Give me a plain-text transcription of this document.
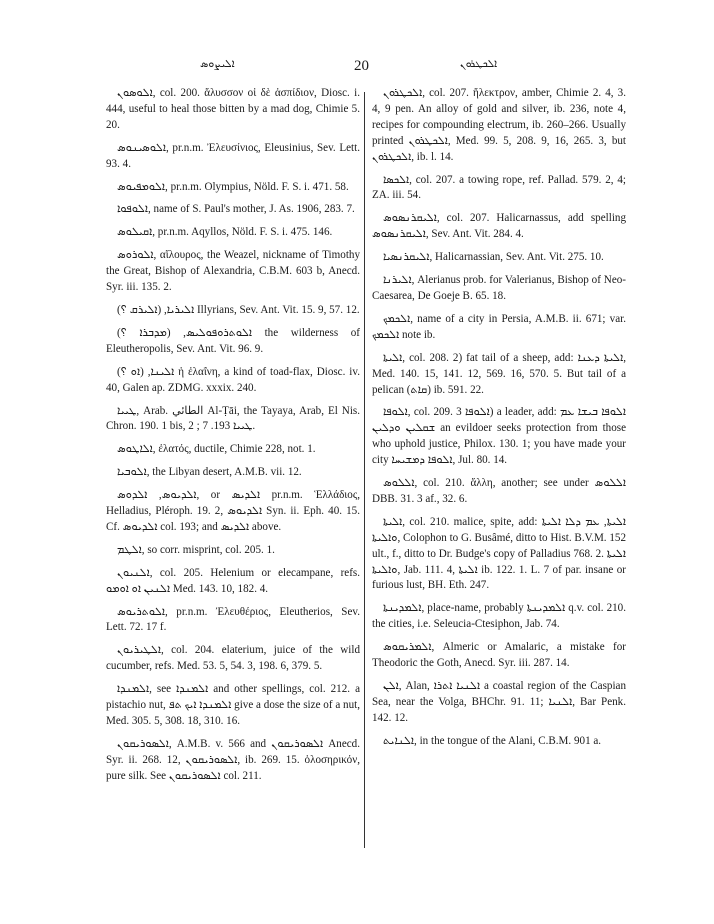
ܐܠܝܨܘܣ	20	ܐܠܟܛܪܘܢ

ܐܠܘܣܘܢ, col. 200. ἄλυσσον οἱ δὲ ἀσπίδιον, Diosc. i. 444, useful to heal those bitten by a mad dog, Chimie 5. 20.

ܐܠܘܣܝܢܘܣ, pr.n.m. Ἐλευσίνιος, Eleusinius, Sev. Lett. 93. 4.

ܐܠܘܡܦܝܘܣ, pr.n.m. Olympius, Nöld. F. S. i. 471. 58.

ܐܠܘܦܘܐ, name of S. Paul's mother, J. As. 1906, 283. 7.

ܐܩܝܠܘܣ, pr.n.m. Aqyllos, Nöld. F. S. i. 475. 146.

ܐܠܘܪܘܣ, αἴλουρος, the Weazel, nickname of Timothy the Great, Bishop of Alexandria, C.B.M. 603 b, Anecd. Syr. iii. 135. 2.

ܐܠܝܪܝܐ, (ܐܠܝܪܩ ؟) Illyrians, Sev. Ant. Vit. 15. 9, 57. 12.

ܐܠܘܬܪܘܦܘܠܝܣ, (ܡܕܒܪܐ ؟) the wilderness of Eleutheropolis, Sev. Ant. Vit. 96. 9.

ܐܠܝܢܐ, (ܐܘ ؟) ἡ ἐλαΐνη, a kind of toad-flax, Diosc. iv. 40, Galen ap. ZDMG. xxxix. 240.

ܛܝܝܐ, Arab. الطائي Al-Ṭāi, the Tayaya, Arab, El Nis. Chron. 190. 1 bis, 2 ; ܛܝܝܐ 193. 7.

ܐܠܐܛܘܣ, ἐλατός, ductile, Chimie 228, not. 1.

ܐܠܘܒܝܐ, the Libyan desert, A.M.B. vii. 12.

ܐܠܕܝܘܣ, ܐܠܕܘܣ, or ܐܠܕܝܣ pr.n.m. Ἑλλάδιος, Helladius, Pléroph. 19. 2, ܐܠܕܝܘܣ Syn. ii. Eph. 40. 15. Cf. ܐܠܕܝܘܣ col. 193; and ܐܠܕܝܣ above.

ܐܠܛܡ, so corr. misprint, col. 205. 1.

ܐܠܢܝܘܢ, col. 205. Helenium or elecampane, refs. ܐܠܢܝܢ ܐܘ ܐܘܡܘ Med. 143. 10, 182. 4.

ܐܠܘܬܪܝܘܣ, pr.n.m. Ἐλευθέριος, Eleutherios, Sev. Lett. 72. 17 f.

ܐܠܛܝܪܝܘܢ, col. 204. elaterium, juice of the wild cucumber, refs. Med. 53. 5, 54. 3, 198. 6, 379. 5.

ܐܠܡܢܕܐ, see ܐܠܡܢܕܐ and other spellings, col. 212. a pistachio nut, ܐܠܡܢܕܐ ܐܝܟ ܬܦ give a dose the size of a nut, Med. 305. 5, 308. 18, 310. 16.

ܐܠܣܘܪܝܩܘܢ, A.M.B. v. 566 and ܐܠܣܘܪܝܩܘܢ Anecd. Syr. ii. 268. 12, ܐܠܣܘܪܝܩܘܢ, ib. 269. 15. ὁλοσηρικόν, pure silk. See ܐܠܣܘܪܝܩܘܢ col. 211.

ܐܠܟܛܪܘܢ, col. 207. ἤλεκτρον, amber, Chimie 2. 4, 3. 4, 9 pen. An alloy of gold and silver, ib. 236, note 4, recipes for compounding electrum, ib. 260–266. Usually printed ܐܠܟܛܪܘܢ, Med. 99. 5, 208. 9, 16, 265. 3, but ܐܠܟܛܪܘܢ, ib. l. 14.

ܐܠܟܣܐ, col. 207. a towing rope, ref. Pallad. 579. 2, 4; ZA. iii. 54.

ܐܠܝܩܪܢܣܘܣ, col. 207. Halicarnassus, add spelling ܐܠܝܩܪܢܣܘܣ, Sev. Ant. Vit. 284. 4.

ܐܠܝܩܪܢܣܝܐ, Halicarnassian, Sev. Ant. Vit. 275. 10.

ܐܠܝܪܢܐ, Alerianus prob. for Valerianus, Bishop of Neo-Caesarea, De Goeje B. 65. 18.

ܐܠܟܡܟ, name of a city in Persia, A.M.B. ii. 671; var. ܐܠܟܡܟ note ib.

ܐܠܝܬܐ, col. 208. 2) fat tail of a sheep, add: ܐܠܝܬܐ ܕܥܢܐ, Med. 140. 15, 141. 12, 569. 16, 570. 5. But tail of a pelican (ܩܐܬ) ib. 591. 22.

ܐܠܘܦܐ, col. 209. ܐܠܘܦܐ 3) a leader, add: ܐܠܘܦܐ ܒܝܫܐ ܥܡ ܫܩܠܝܢ ܘܕܠܝܢ an evildoer seeks protection from those who uphold justice, Philox. 130. 1; you have made your city ܐܠܘܦܐ ܕܡܫܝܚܐ, Jul. 80. 14.

ܐܠܠܘܣ, col. 210. ἄλλη, another; see under ܐܠܠܘܣ DBB. 31. 3 af., 32. 6.

ܐܠܝܬܐ, col. 210. malice, spite, add: ܐܠܝܬܐ, ܥܡ ܕܠܐ ܐܠܝܬܐ ܘܐܠܝܬܐ, Colophon to G. Busâmé, ditto to Hist. B.V.M. 152 ult., f., ditto to Dr. Budge's copy of Palladius 768. 2. ܐܠܝܬܐ ܘܐܠܝܬܐ, Jab. 111. 4, ܐܠܝܬܐ ib. 122. 1. L. 7 of par. insane or furious lust, BH. Eth. 247.

ܐܠܡܕܝܢܬܐ, place-name, probably ܐܠܡܕܝܢܬܐ q.v. col. 210. the cities, i.e. Seleucia-Ctesiphon, Jab. 74.

ܐܠܡܪܝܩܘܣ, Almeric or Amalaric, a mistake for Theodoric the Goth, Anecd. Syr. iii. 287. 14.

ܐܠܢ, Alan, ܐܠܢܝܐ ܐܬܪܐ a coastal region of the Caspian Sea, near the Volga, BHChr. 91. 11; ܐܠܢܝܐ, Bar Penk. 142. 12.

ܐܠܢܐܝܬ, in the tongue of the Alani, C.B.M. 901 a.
